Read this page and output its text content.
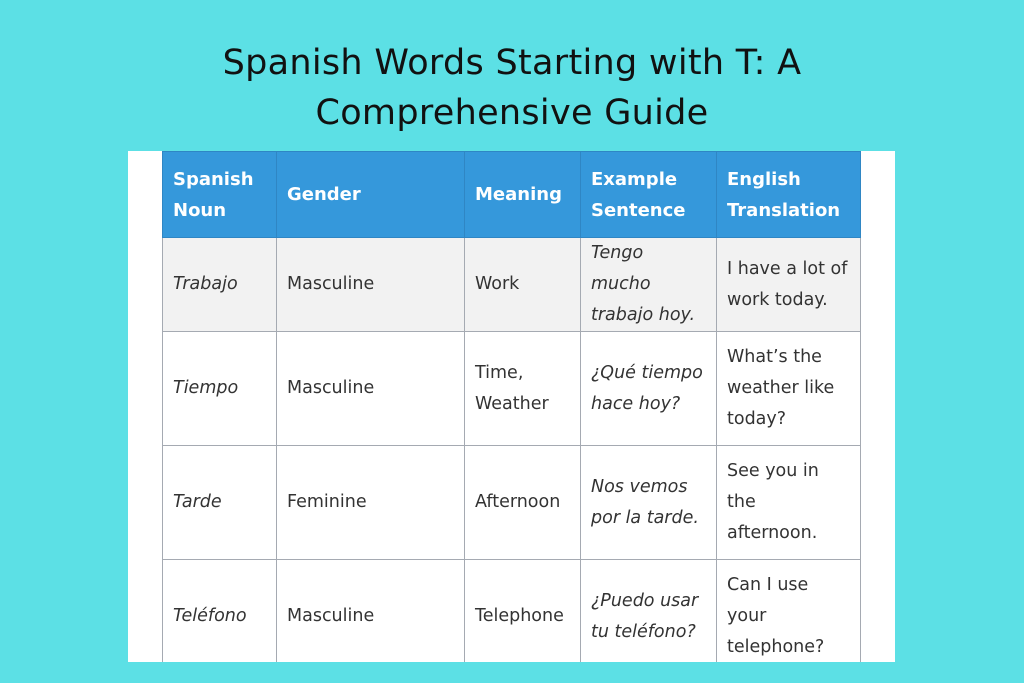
Spanish Words Starting with T: A
Comprehensive Guide
Spanish Noun	Gender	Meaning	Example Sentence	English Translation
Trabajo	Masculine	Work	Tengo mucho trabajo hoy.	I have a lot of work today.
Tiempo	Masculine	Time, Weather	¿Qué tiempo hace hoy?	What’s the weather like today?
Tarde	Feminine	Afternoon	Nos vemos por la tarde.	See you in the afternoon.
Teléfono	Masculine	Telephone	¿Puedo usar tu teléfono?	Can I use your telephone?
